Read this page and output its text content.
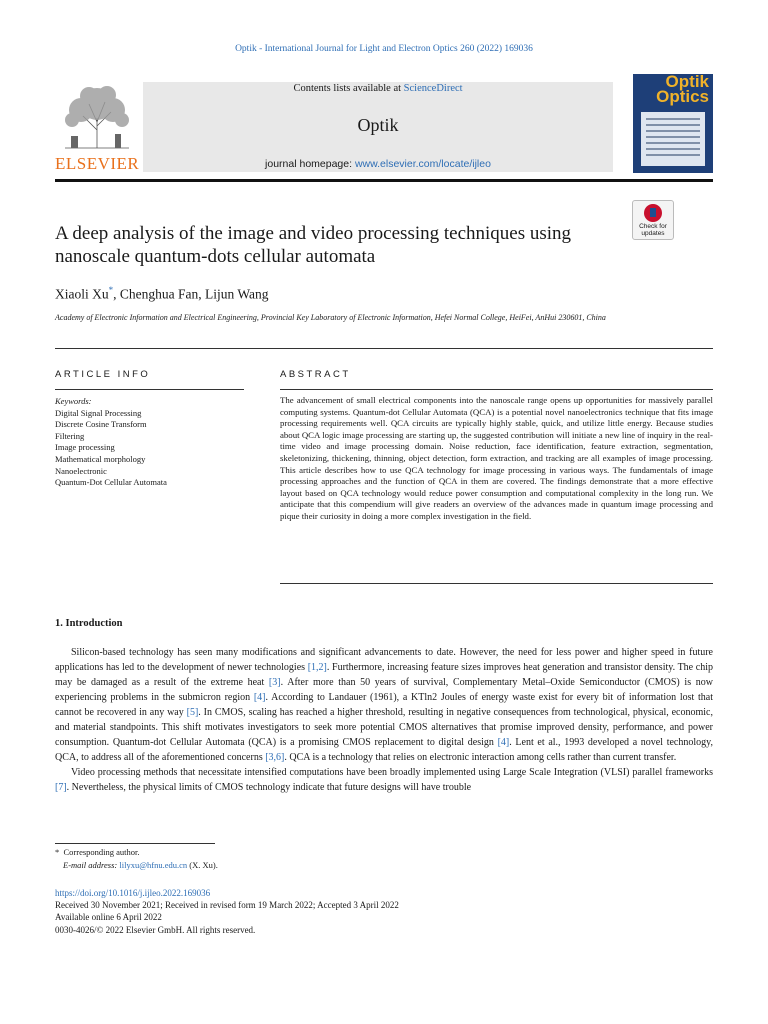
Optik - International Journal for Light and Electron Optics 260 (2022) 169036
ELSEVIER
Contents lists available at ScienceDirect
Optik
journal homepage: www.elsevier.com/locate/ijleo
Optik
Optics
Check for
updates
A deep analysis of the image and video processing techniques using nanoscale quantum-dots cellular automata
Xiaoli Xu*, Chenghua Fan, Lijun Wang
Academy of Electronic Information and Electrical Engineering, Provincial Key Laboratory of Electronic Information, Hefei Normal College, HeiFei, AnHui 230601, China
ARTICLE INFO	ABSTRACT
Keywords:
Digital Signal Processing
Discrete Cosine Transform
Filtering
Image processing
Mathematical morphology
Nanoelectronic
Quantum-Dot Cellular Automata
The advancement of small electrical components into the nanoscale range opens up opportunities for massively parallel computing systems. Quantum-dot Cellular Automata (QCA) is a potential novel nanoelectronics technique that fits image processing requirements well. QCA circuits are typically highly stable, quick, and utilize little energy. Because studies about QCA logic image processing are starting up, the suggested contribution will initiate a new line of inquiry in the real-time video and image processing domain. Noise reduction, face identification, feature extraction, segmentation, skeletonizing, thickening, thinning, object detection, form extraction, and tracking are all examples of image processing. This article describes how to use QCA technology for image processing in various ways. The fundamentals of image processing approaches and the function of QCA in them are covered. The findings demonstrate that a more effective layout based on QCA technology would reduce power consumption and computational complexity in the long run. We anticipate that this compendium will give readers an overview of the advances made in quantum image processing and pique their curiosity in doing a more complex investigation in the field.
1. Introduction

Silicon-based technology has seen many modifications and significant advancements to date. However, the need for less power and higher speed in future applications has led to the development of newer technologies [1,2]. Furthermore, increasing feature sizes improves heat generation and transistor density. The chip may be damaged as a result of the extreme heat [3]. After more than 50 years of survival, Complementary Metal–Oxide Semiconductor (CMOS) is now experiencing problems in the submicron region [4]. According to Landauer (1961), a KTln2 Joules of energy waste exist for every bit of information lost that cannot be recovered in any way [5]. In CMOS, scaling has reached a higher threshold, resulting in negative consequences from technological, physical, economic, and material standpoints. This shift motivates investigators to seek more potential CMOS alternatives that promise improved density, performance, and power consumption. Quantum-dot Cellular Automata (QCA) is a promising CMOS replacement to digital design [4]. Lent et al., 1993 developed a novel technology, QCA, to address all of the aforementioned concerns [3,6]. QCA is a technology that relies on electronic interaction among cells rather than current transfer.

Video processing methods that necessitate intensified computations have been broadly implemented using Large Scale Integration (VLSI) parallel frameworks [7]. Nevertheless, the physical limits of CMOS technology indicate that future designs will have trouble

* Corresponding author.
E-mail address: lilyxu@hfnu.edu.cn (X. Xu).
https://doi.org/10.1016/j.ijleo.2022.169036
Received 30 November 2021; Received in revised form 19 March 2022; Accepted 3 April 2022
Available online 6 April 2022
0030-4026/© 2022 Elsevier GmbH. All rights reserved.
